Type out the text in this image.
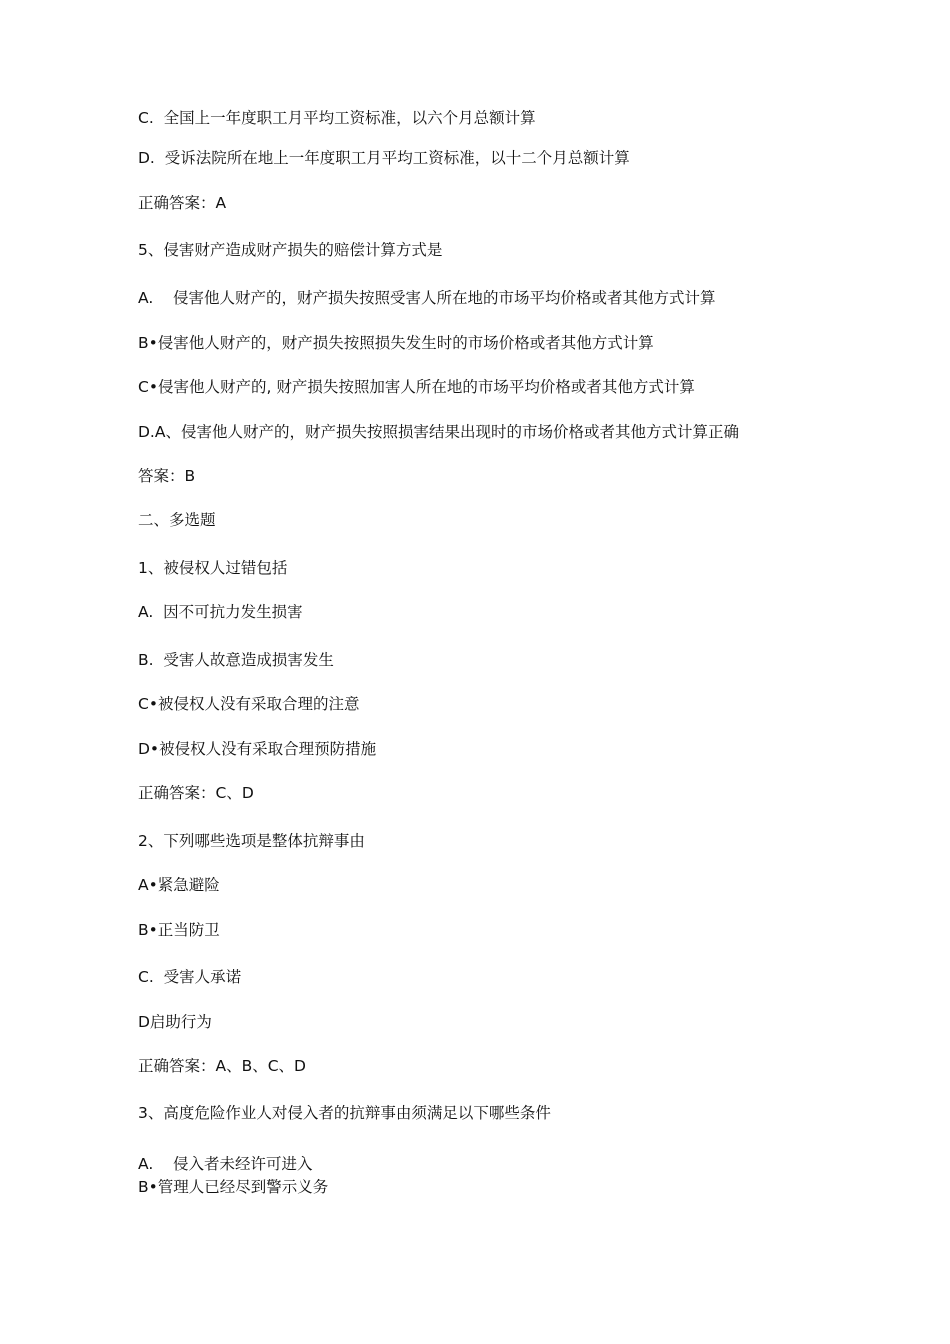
C.  全国上一年度职工月平均工资标准，以六个月总额计算

D.  受诉法院所在地上一年度职工月平均工资标准，以十二个月总额计算

正确答案：A

5、侵害财产造成财产损失的赔偿计算方式是

A.    侵害他人财产的，财产损失按照受害人所在地的市场平均价格或者其他方式计算

B•侵害他人财产的，财产损失按照损失发生时的市场价格或者其他方式计算

C•侵害他人财产的, 财产损失按照加害人所在地的市场平均价格或者其他方式计算

D.A、侵害他人财产的，财产损失按照损害结果出现时的市场价格或者其他方式计算正确

答案：B

二、多选题

1、被侵权人过错包括

A.  因不可抗力发生损害

B.  受害人故意造成损害发生

C•被侵权人没有采取合理的注意

D•被侵权人没有采取合理预防措施

正确答案：C、D

2、下列哪些选项是整体抗辩事由

A•紧急避险

B•正当防卫

C.  受害人承诺

D启助行为

正确答案：A、B、C、D

3、高度危险作业人对侵入者的抗辩事由须满足以下哪些条件

A.    侵入者未经许可进入

B•管理人已经尽到警示义务
